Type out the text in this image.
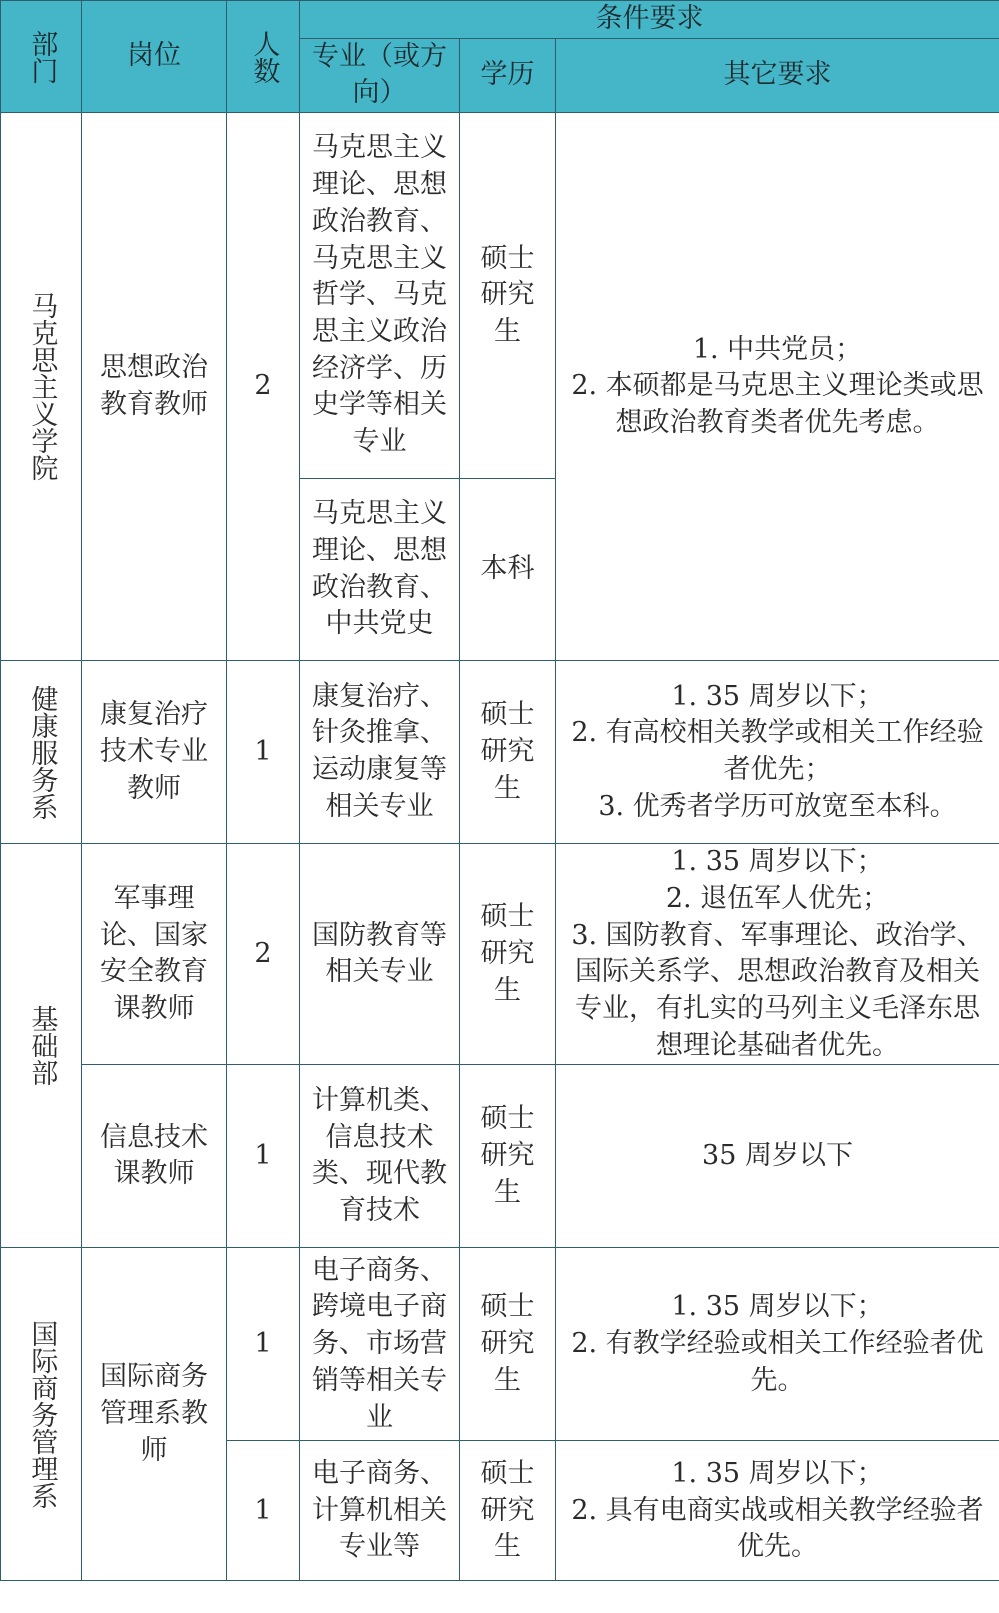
部门	岗位	人数	条件要求		
			专业（或方向）	学历	其它要求

马克思主义学院	思想政治教育教师	2	马克思主义理论、思想政治教育、马克思主义哲学、马克思主义政治经济学、历史学等相关专业	硕士研究生	1. 中共党员；
2. 本硕都是马克思主义理论类或思想政治教育类者优先考虑。

			马克思主义理论、思想政治教育、中共党史	本科	

健康服务系	康复治疗技术专业教师	1	康复治疗、针灸推拿、运动康复等相关专业	硕士研究生	1. 35 周岁以下；
2. 有高校相关教学或相关工作经验者优先；
3. 优秀者学历可放宽至本科。

基础部	军事理论、国家安全教育课教师	2	国防教育等相关专业	硕士研究生	1. 35 周岁以下；
2. 退伍军人优先；
3. 国防教育、军事理论、政治学、国际关系学、思想政治教育及相关专业，有扎实的马列主义毛泽东思想理论基础者优先。

	信息技术课教师	1	计算机类、信息技术类、现代教育技术	硕士研究生	35 周岁以下

国际商务管理系	国际商务管理系教师	1	电子商务、跨境电子商务、市场营销等相关专业	硕士研究生	1. 35 周岁以下；
2. 有教学经验或相关工作经验者优先。

		1	电子商务、计算机相关专业等	硕士研究生	1. 35 周岁以下；
2. 具有电商实战或相关教学经验者优先。
